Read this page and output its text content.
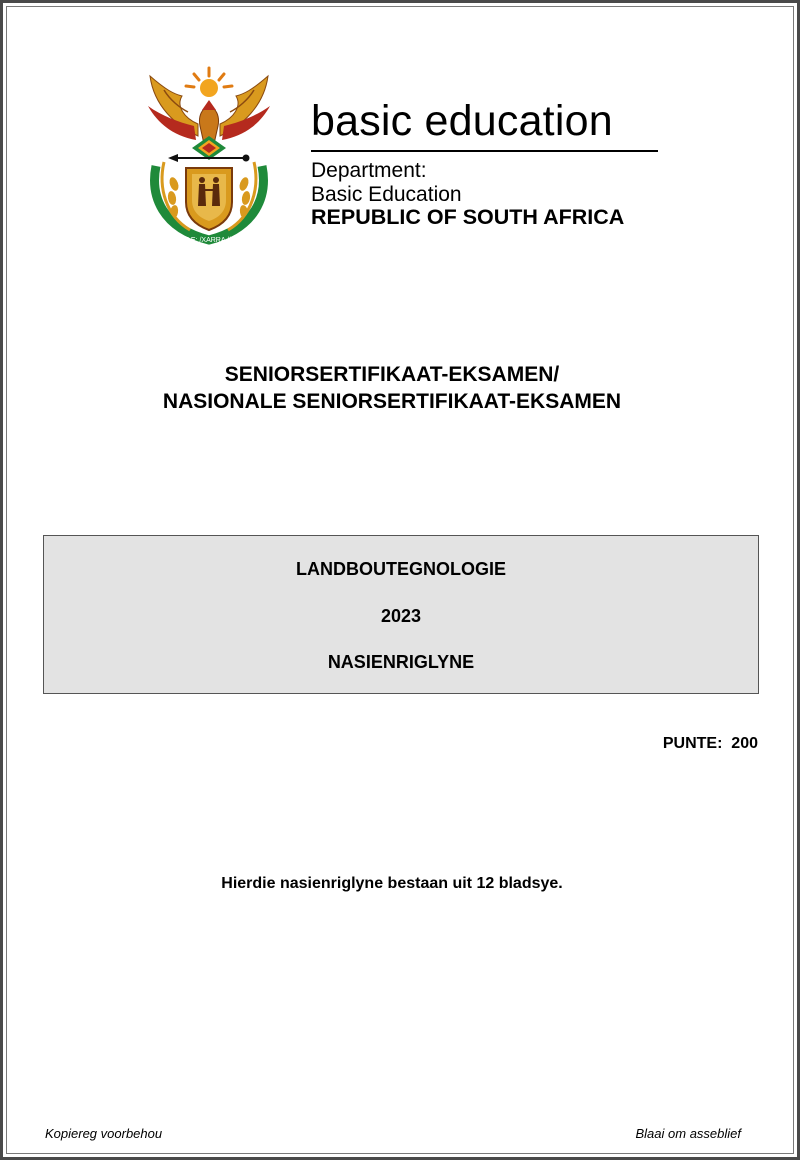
!KE E: /XARRA //KE
basic education
Department:
Basic Education
REPUBLIC OF SOUTH AFRICA
SENIORSERTIFIKAAT-EKSAMEN/
NASIONALE SENIORSERTIFIKAAT-EKSAMEN
LANDBOUTEGNOLOGIE
2023
NASIENRIGLYNE
PUNTE:  200
Hierdie nasienriglyne bestaan uit 12 bladsye.
Kopiereg voorbehou	Blaai om asseblief
